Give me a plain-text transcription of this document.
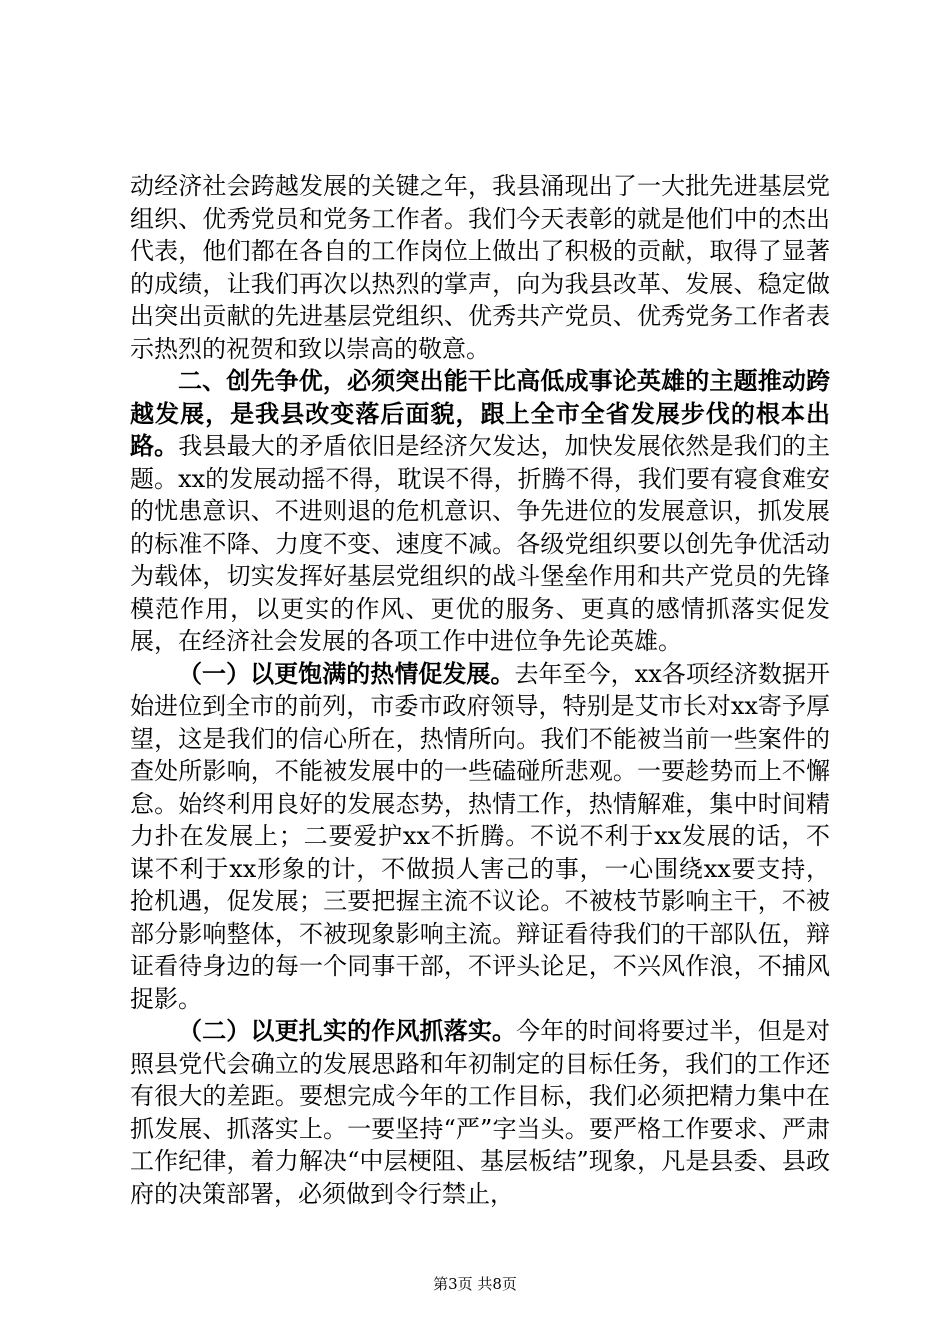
动经济社会跨越发展的关键之年，我县涌现出了一大批先进基层党组织、优秀党员和党务工作者。我们今天表彰的就是他们中的杰出代表，他们都在各自的工作岗位上做出了积极的贡献，取得了显著的成绩，让我们再次以热烈的掌声，向为我县改革、发展、稳定做出突出贡献的先进基层党组织、优秀共产党员、优秀党务工作者表示热烈的祝贺和致以崇高的敬意。

二、创先争优，必须突出能干比高低成事论英雄的主题推动跨越发展，是我县改变落后面貌，跟上全市全省发展步伐的根本出路。我县最大的矛盾依旧是经济欠发达，加快发展依然是我们的主题。xx的发展动摇不得，耽误不得，折腾不得，我们要有寝食难安的忧患意识、不进则退的危机意识、争先进位的发展意识，抓发展的标准不降、力度不变、速度不减。各级党组织要以创先争优活动为载体，切实发挥好基层党组织的战斗堡垒作用和共产党员的先锋模范作用，以更实的作风、更优的服务、更真的感情抓落实促发展，在经济社会发展的各项工作中进位争先论英雄。

（一）以更饱满的热情促发展。去年至今，xx各项经济数据开始进位到全市的前列，市委市政府领导，特别是艾市长对xx寄予厚望，这是我们的信心所在，热情所向。我们不能被当前一些案件的查处所影响，不能被发展中的一些磕碰所悲观。一要趁势而上不懈怠。始终利用良好的发展态势，热情工作，热情解难，集中时间精力扑在发展上；二要爱护xx不折腾。不说不利于xx发展的话，不谋不利于xx形象的计，不做损人害己的事，一心围绕xx要支持，抢机遇，促发展；三要把握主流不议论。不被枝节影响主干，不被部分影响整体，不被现象影响主流。辩证看待我们的干部队伍，辩证看待身边的每一个同事干部，不评头论足，不兴风作浪，不捕风捉影。

（二）以更扎实的作风抓落实。今年的时间将要过半，但是对照县党代会确立的发展思路和年初制定的目标任务，我们的工作还有很大的差距。要想完成今年的工作目标，我们必须把精力集中在抓发展、抓落实上。一要坚持“严”字当头。要严格工作要求、严肃工作纪律，着力解决“中层梗阻、基层板结”现象，凡是县委、县政府的决策部署，必须做到令行禁止，

第3页 共8页
